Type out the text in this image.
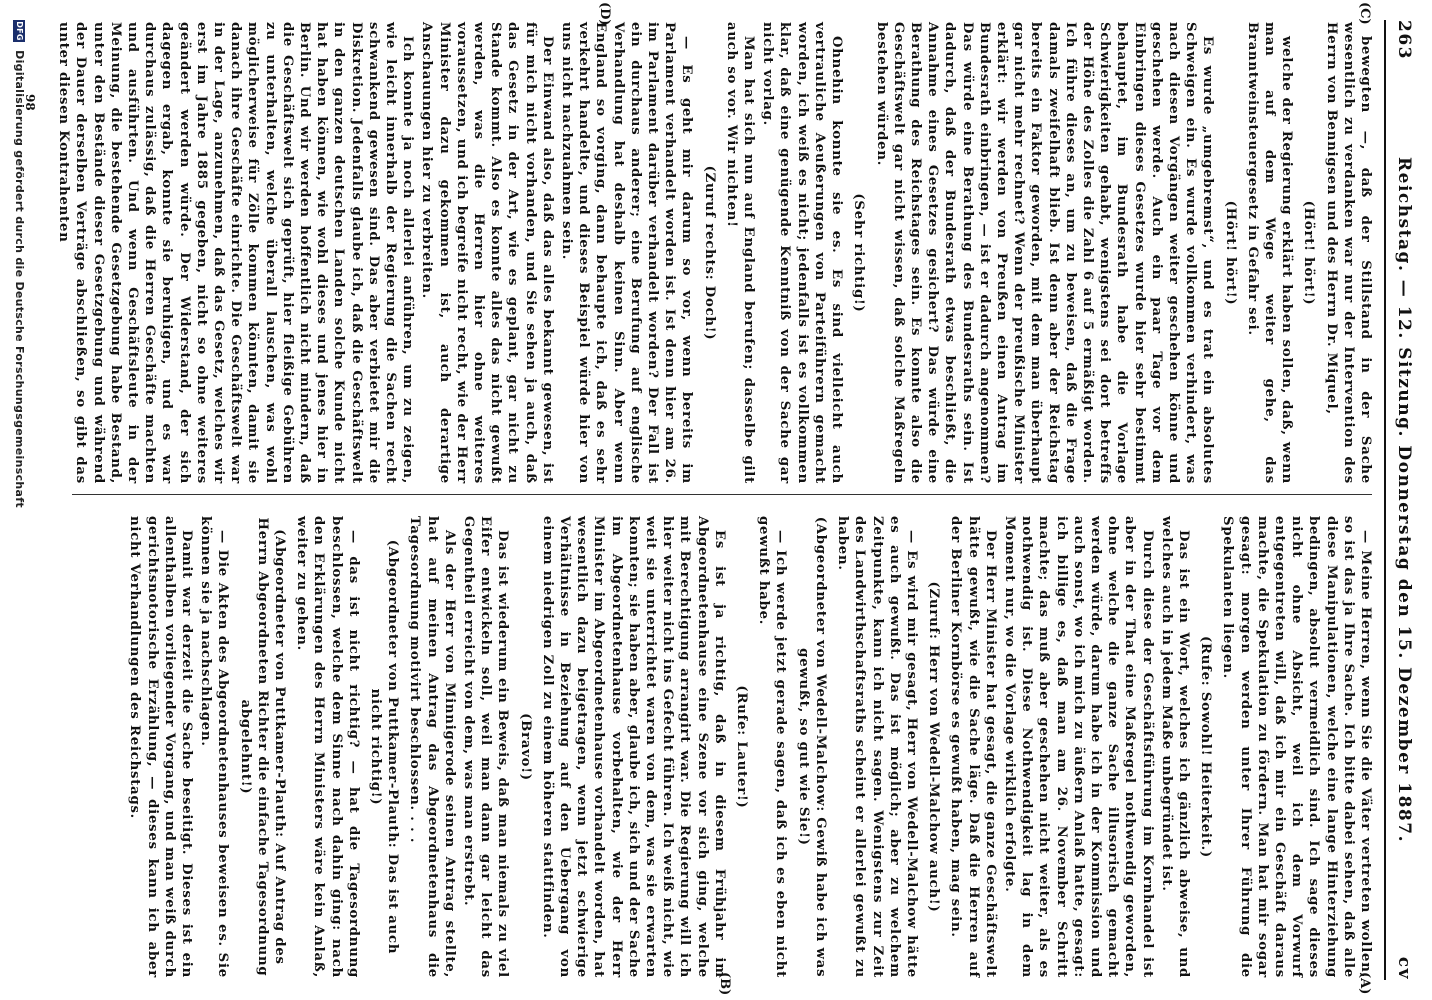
263
Reichstag. — 12. Sitzung. Donnerstag den 15. Dezember 1887.
cv
(C)
(A)
(D)
(B)

bewegten —, daß der Stillstand in der Sache wesentlich zu verdanken war nur der Intervention des Herrn von Bennigsen und des Herrn Dr. Miquel,

(Hört! hört!)

welche der Regierung erklärt haben sollen, daß, wenn man auf dem Wege weiter gehe, das Branntweinsteuergesetz in Gefahr sei.

(Hört! hört!)

Es wurde „umgebremst“, und es trat ein absolutes Schweigen ein. Es wurde vollkommen verhindert, was nach diesen Vorgängen weiter geschehen könne und geschehen werde. Auch ein paar Tage vor dem Einbringen dieses Gesetzes wurde hier sehr bestimmt behauptet, im Bundesrath habe die Vorlage Schwierigkeiten gehabt, wenigstens sei dort betreffs der Höhe des Zolles die Zahl 6 auf 5 ermäßigt worden. Ich führe dieses an, um zu beweisen, daß die Frage damals zweifelhaft blieb. Ist denn aber der Reichstag bereits ein Faktor geworden, mit dem man überhaupt gar nicht mehr rechnet? Wenn der preußische Minister erklärt: wir werden von Preußen einen Antrag im Bundesrath einbringen, — ist er dadurch angenommen? Das würde eine Berathung des Bundesraths sein. Ist dadurch, daß der Bundesrath etwas beschließt, die Annahme eines Gesetzes gesichert? Das würde eine Berathung des Reichstages sein. Es konnte also die Geschäftswelt gar nicht wissen, daß solche Maßregeln bestehen würden.

(Sehr richtig!)

Ohnehin konnte sie es. Es sind vielleicht auch vertrauliche Aeußerungen von Parteiführern gemacht worden, ich weiß es nicht; jedenfalls ist es vollkommen klar, daß eine genügende Kenntniß von der Sache gar nicht vorlag.

Man hat sich nun auf England berufen; dasselbe gilt auch so vor. Wir nichten!

(Zuruf rechts: Doch!)

— Es geht mir darum so vor, wenn bereits im Parlament verhandelt worden ist. Ist denn hier am 26. im Parlament darüber verhandelt worden? Der Fall ist ein durchaus anderer; eine Berufung auf englische Verhandlung hat deshalb keinen Sinn. Aber wenn England so vorging, dann behaupte ich, daß es sehr verkehrt handelte, und dieses Beispiel würde hier von uns nicht nachzuahmen sein.

Der Einwand also, daß das alles bekannt gewesen, ist für mich nicht vorhanden, und Sie sehen ja auch, daß das Gesetz in der Art, wie es geplant, gar nicht zu Stande kommt. Also es konnte alles das nicht gewußt werden, was die Herren hier ohne weiteres voraussetzen, und ich begreife nicht recht, wie der Herr Minister dazu gekommen ist, auch derartige Anschauungen hier zu verbreiten.

Ich konnte ja noch allerlei anführen, um zu zeigen, wie leicht innerhalb der Regierung die Sachen recht schwankend gewesen sind. Das aber verbietet mir die Diskretion. Jedenfalls glaube ich, daß die Geschäftswelt in den ganzen deutschen Landen solche Kunde nicht hat haben können, wie wohl dieses und jenes hier in Berlin. Und wir werden hoffentlich nicht mindern, daß die Geschäftswelt sich geprüft, hier fleißige Gebühren zu unterhalten, welche überall lauschen, was wohl möglicherweise für Zölle kommen könnten, damit sie danach ihre Geschäfte einrichte. Die Geschäftswelt war in der Lage, anzunehmen, daß das Gesetz, welches wir erst im Jahre 1885 gegeben, nicht so ohne weiteres geändert werden würde. Der Widerstand, der sich dagegen ergab, konnte sie beruhigen, und es war durchaus zulässig, daß die Herren Geschäfte machten und ausführten. Und wenn Geschäftsleute in der Meinung, die bestehende Gesetzgebung habe Bestand, unter den Bestände dieser Gesetzgebung und während der Dauer derselben Verträge abschließen, so gibt das unter diesen Kontrahenten

— Meine Herren, wenn Sie die Väter vertreten wollen, so ist das ja Ihre Sache. Ich bitte dabei sehen, daß alle diese Manipulationen, welche eine lange Hinterziehung bedingen, absolut vermeidlich sind. Ich sage dieses nicht ohne Absicht, weil ich dem Vorwurf entgegentreten will, daß ich mir ein Geschäft daraus machte, die Spekulation zu fördern. Man hat mir sogar gesagt: morgen werden unter Ihrer Führung die Spekulanten liegen.

(Rufe: Sowohl! Heiterkeit.)

Das ist ein Wort, welches ich gänzlich abweise, und welches auch in jedem Maße unbegründet ist.

Durch diese der Geschäftsführung im Kornhandel ist aber in der That eine Maßregel nothwendig geworden, ohne welche die ganze Sache illusorisch gemacht werden würde, darum habe ich in der Kommission und auch sonst, wo ich mich zu äußern Anlaß hatte, gesagt: ich billige es, daß man am 26. November Schritt machte; das muß aber geschehen nicht weiter, als es nothwendig ist. Diese Nothwendigkeit lag in dem Moment nur, wo die Vorlage wirklich erfolgte.

Der Herr Minister hat gesagt, die ganze Geschäftswelt hätte gewußt, wie die Sache läge. Daß die Herren auf der Berliner Kornbörse es gewußt haben, mag sein.

(Zuruf: Herr von Wedell-Malchow auch!)

— Es wird mir gesagt, Herr von Wedell-Malchow hätte es auch gewußt. Das ist möglich; aber zu welchem Zeitpunkte, kann ich nicht sagen. Wenigstens zur Zeit des Landwirthschaftsraths scheint er allerlei gewußt zu haben.

(Abgeordneter von Wedell-Malchow: Gewiß habe ich was gewußt, so gut wie Sie!)

— Ich werde jetzt gerade sagen, daß ich es eben nicht gewußt habe.

(Rufe: Lauter!)

Es ist ja richtig, daß in diesem Frühjahr im Abgeordnetenhause eine Szene vor sich ging, welche mit Berechtigung arrangirt war. Die Regierung will ich hier weiter nicht ins Gefecht führen. Ich weiß nicht, wie weit sie unterrichtet waren von dem, was sie erwarten konnten; sie haben aber, glaube ich, sich und der Sache im Abgeordnetenhause vorbehalten, wie der Herr Minister im Abgeordnetenhause vorhandelt worden, hat wesentlich dazu beigetragen, wenn jetzt schwierige Verhältnisse in Beziehung auf den Uebergang von einem niedrigen Zoll zu einem höheren stattfinden.

(Bravo!)

Das ist wiederum ein Beweis, daß man niemals zu viel Eifer entwickeln soll, weil man dann gar leicht das Gegentheil erreicht von dem, was man erstrebt.

Als der Herr von Minnigerode seinen Antrag stellte, hat auf meinen Antrag das Abgeordnetenhaus die Tagesordnung motivirt beschlossen. . . .

(Abgeordneter von Puttkamer-Plauth: Das ist auch nicht richtig!)

— das ist nicht richtig? — hat die Tagesordnung beschlossen, welche dem Sinne nach dahin ging: nach den Erklärungen des Herrn Ministers wäre kein Anlaß, weiter zu gehen.

(Abgeordneter von Puttkamer-Plauth: Auf Antrag des Herrn Abgeordneten Richter die einfache Tagesordnung abgelehnt!)

— Die Akten des Abgeordnetenhauses beweisen es. Sie können sie ja nachschlagen.

Damit war derzeit die Sache beseitigt. Dieses ist ein allenthalben vorliegender Vorgang, und man weiß durch gerichtsnotorische Erzählung, — dieses kann ich aber nicht Verhandlungen des Reichstags.

98
DFG Digitalisierung gefördert durch die Deutsche Forschungsgemeinschaft
